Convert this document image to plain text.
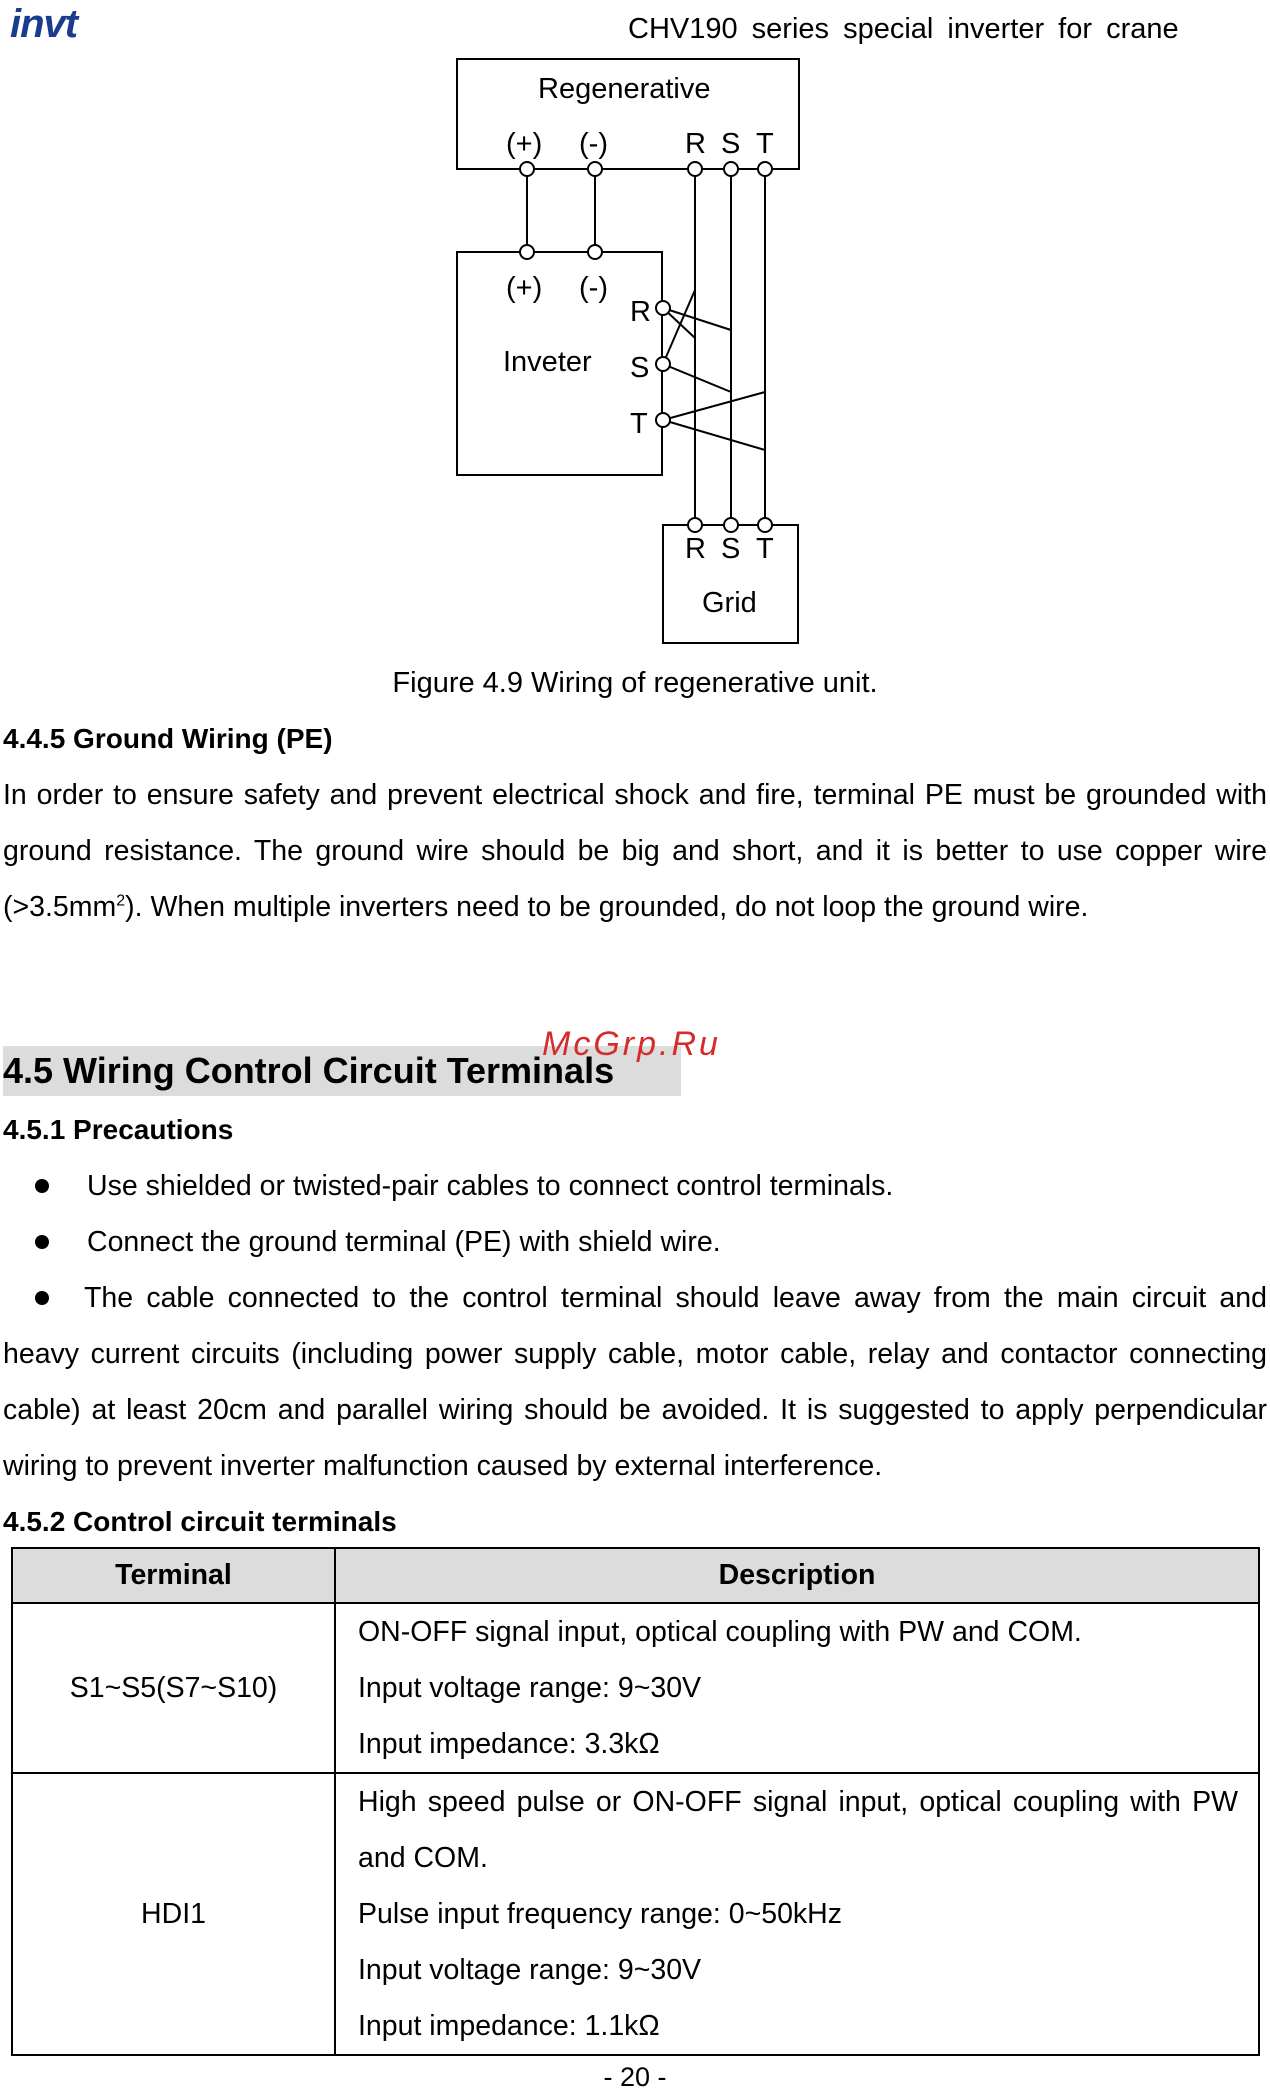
invt	CHV190 series special inverter for crane
Regenerative
(+) (-)	R S T
(+) (-)
Inveter
R
S
T
R S T
Grid
Figure 4.9 Wiring of regenerative unit.
4.4.5 Ground Wiring (PE)

In order to ensure safety and prevent electrical shock and fire, terminal PE must be grounded with ground resistance. The ground wire should be big and short, and it is better to use copper wire $(>3.5mm^2)$. When multiple inverters need to be grounded, do not loop the ground wire.

4.5 Wiring Control Circuit Terminals
McGrp.Ru
4.5.1 Precautions
Use shielded or twisted-pair cables to connect control terminals.
Connect the ground terminal (PE) with shield wire.

The cable connected to the control terminal should leave away from the main circuit and heavy current circuits (including power supply cable, motor cable, relay and contactor connecting cable) at least 20cm and parallel wiring should be avoided. It is suggested to apply perpendicular wiring to prevent inverter malfunction caused by external interference.

4.5.2 Control circuit terminals
Terminal	Description
S1~S5(S7~S10)	ON-OFF signal input, optical coupling with PW and COM.
Input voltage range: 9~30V
Input impedance: 3.3kΩ

HDI1	High speed pulse or ON-OFF signal input, optical coupling with PW and COM.
Pulse input frequency range: 0~50kHz
Input voltage range: 9~30V
Input impedance: 1.1kΩ
- 20 -
